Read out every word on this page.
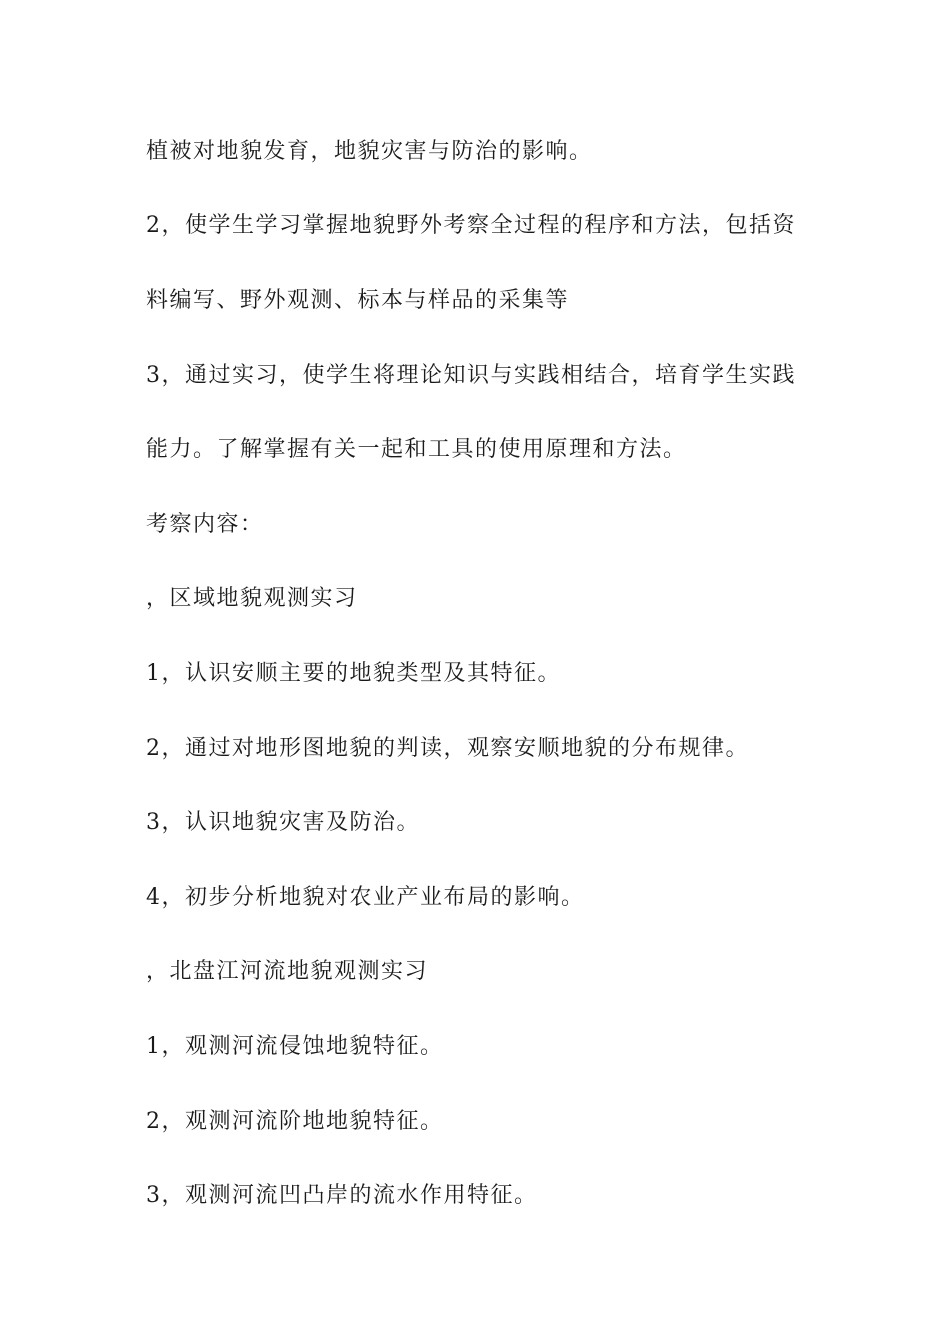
植被对地貌发育，地貌灾害与防治的影响。
2，使学生学习掌握地貌野外考察全过程的程序和方法，包括资
料编写、野外观测、标本与样品的采集等
3，通过实习，使学生将理论知识与实践相结合，培育学生实践
能力。了解掌握有关一起和工具的使用原理和方法。
考察内容：
，区域地貌观测实习
1，认识安顺主要的地貌类型及其特征。
2，通过对地形图地貌的判读，观察安顺地貌的分布规律。
3，认识地貌灾害及防治。
4，初步分析地貌对农业产业布局的影响。
，北盘江河流地貌观测实习
1，观测河流侵蚀地貌特征。
2，观测河流阶地地貌特征。
3，观测河流凹凸岸的流水作用特征。
